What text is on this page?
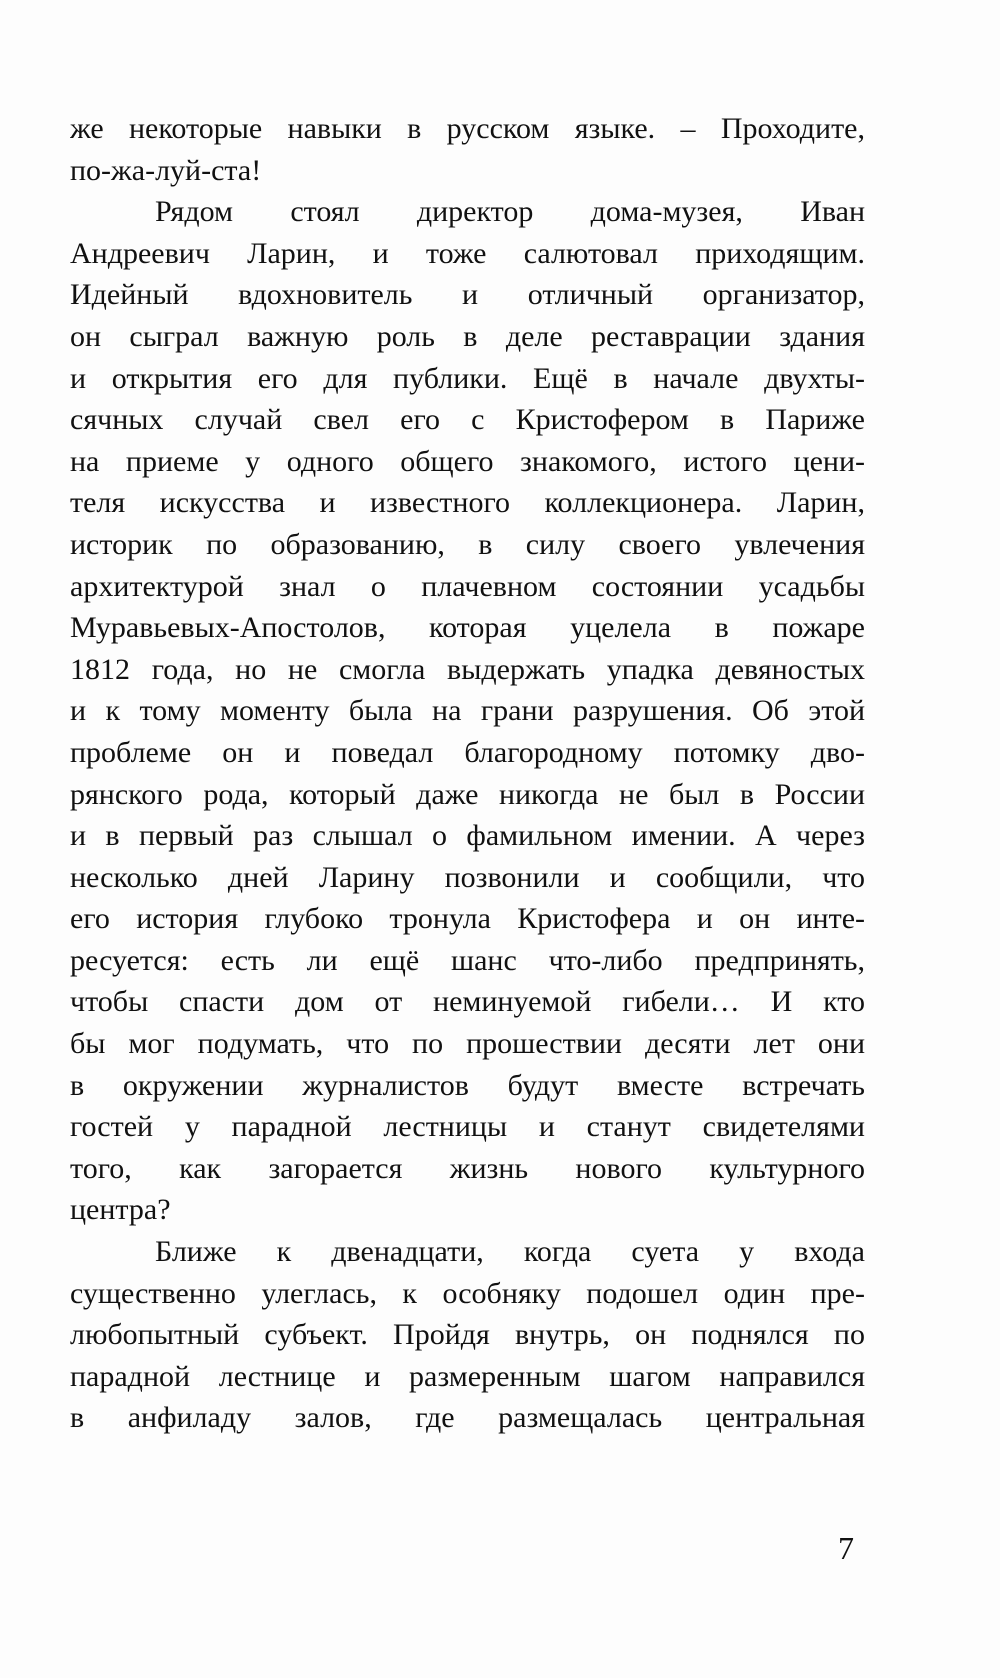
же некоторые навыки в русском языке. – Проходите,
по-жа-луй-ста!
Рядом стоял директор дома-музея, Иван
Андреевич Ларин, и тоже салютовал приходящим.
Идейный вдохновитель и отличный организатор,
он сыграл важную роль в деле реставрации здания
и открытия его для публики. Ещё в начале двухты-
сячных случай свел его с Кристофером в Париже
на приеме у одного общего знакомого, истого цени-
теля искусства и известного коллекционера. Ларин,
историк по образованию, в силу своего увлечения
архитектурой знал о плачевном состоянии усадьбы
Муравьевых-Апостолов, которая уцелела в пожаре
1812 года, но не смогла выдержать упадка девяностых
и к тому моменту была на грани разрушения. Об этой
проблеме он и поведал благородному потомку дво-
рянского рода, который даже никогда не был в России
и в первый раз слышал о фамильном имении. А через
несколько дней Ларину позвонили и сообщили, что
его история глубоко тронула Кристофера и он инте-
ресуется: есть ли ещё шанс что-либо предпринять,
чтобы спасти дом от неминуемой гибели… И кто
бы мог подумать, что по прошествии десяти лет они
в окружении журналистов будут вместе встречать
гостей у парадной лестницы и станут свидетелями
того, как загорается жизнь нового культурного
центра?
Ближе к двенадцати, когда суета у входа
существенно улеглась, к особняку подошел один пре-
любопытный субъект. Пройдя внутрь, он поднялся по
парадной лестнице и размеренным шагом направился
в анфиладу залов, где размещалась центральная
7
